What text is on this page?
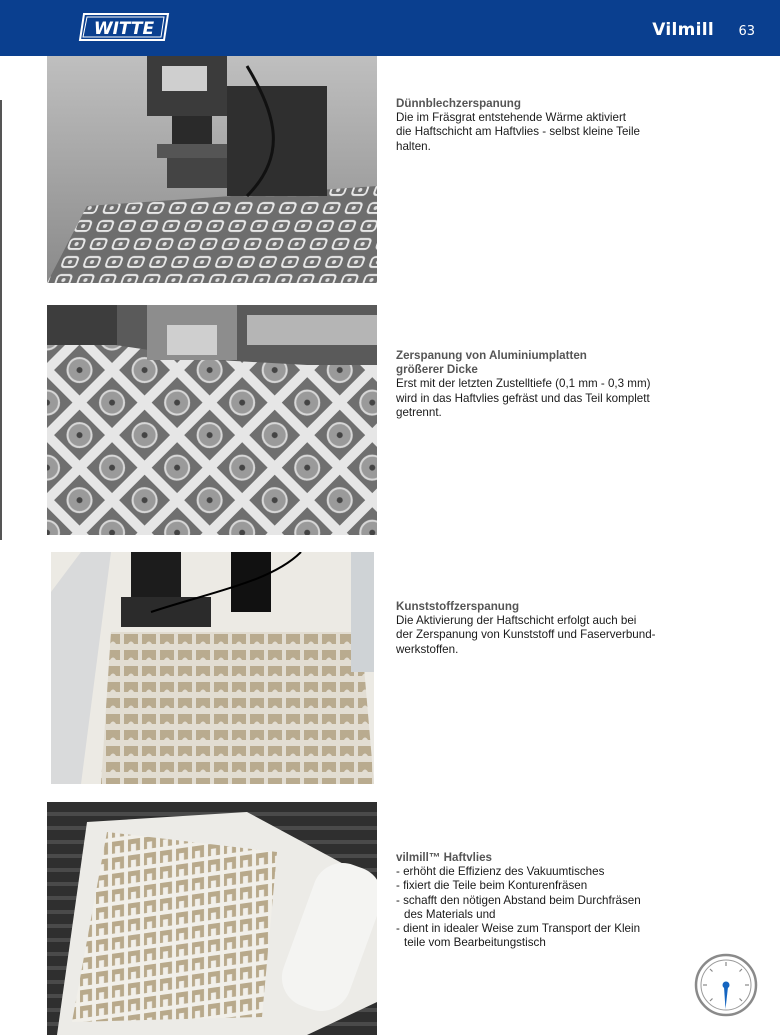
WITTE	Vilmill 63
Dünnblechzerspanung
Die im Fräsgrat entstehende Wärme aktiviert
die Haftschicht am Haftvlies - selbst kleine Teile
halten.
Zerspanung von Aluminiumplatten
größerer Dicke
Erst mit der letzten Zustelltiefe (0,1 mm - 0,3 mm)
wird in das Haftvlies gefräst und das Teil komplett
getrennt.
Kunststoffzerspanung
Die Aktivierung der Haftschicht erfolgt auch bei
der Zerspanung von Kunststoff und Faserverbund-
werkstoffen.
vilmill™ Haftvlies
- erhöht die Effizienz des Vakuumtisches
- fixiert die Teile beim Konturenfräsen
- schafft den nötigen Abstand beim Durchfräsen des Materials und
- dient in idealer Weise zum Transport der Klein teile vom Bearbeitungstisch
